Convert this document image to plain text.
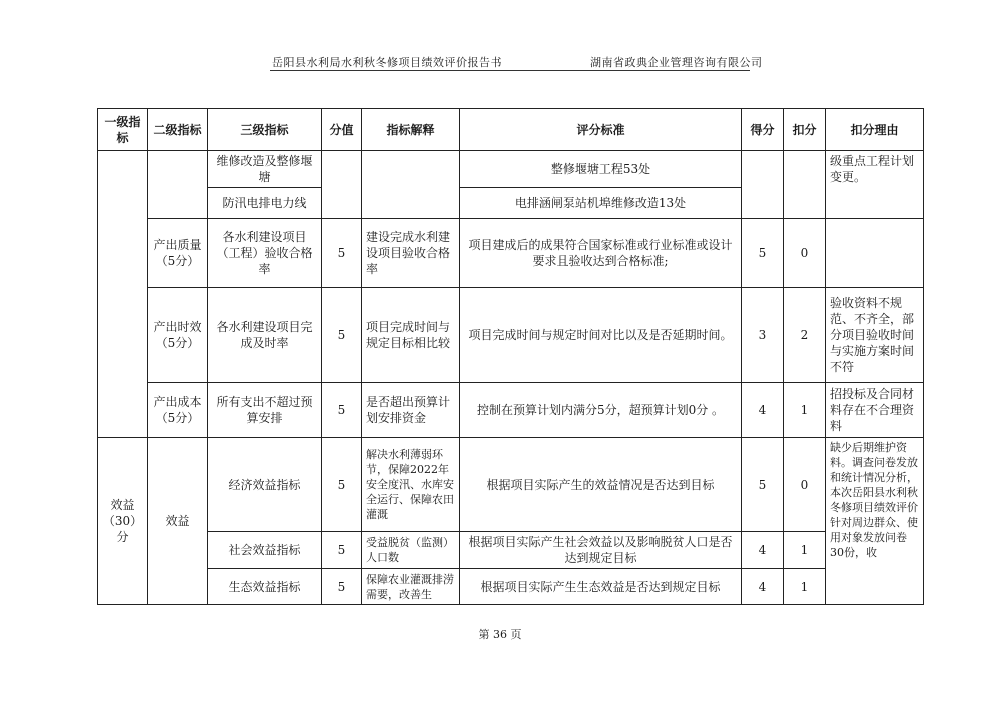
岳阳县水利局水利秋冬修项目绩效评价报告书	湖南省政典企业管理咨询有限公司
一级指标	二级指标	三级指标	分值	指标解释	评分标准	得分	扣分	扣分理由
		维修改造及整修堰塘			整修堰塘工程53处			级重点工程计划变更。
		防汛电排电力线			电排涵闸泵站机埠维修改造13处			
	产出质量（5分）	各水利建设项目（工程）验收合格率	5	建设完成水利建设项目验收合格率	项目建成后的成果符合国家标准或行业标准或设计要求且验收达到合格标准;	5	0	
	产出时效（5分）	各水利建设项目完成及时率	5	项目完成时间与规定目标相比较	项目完成时间与规定时间对比以及是否延期时间。	3	2	验收资料不规范、不齐全，部分项目验收时间与实施方案时间不符
	产出成本（5分）	所有支出不超过预算安排	5	是否超出预算计划安排资金	控制在预算计划内满分5分，超预算计划0分 。	4	1	招投标及合同材料存在不合理资料
效益（30）分	效益	经济效益指标	5	解决水利薄弱环节，保障2022年安全度汛、水库安全运行、保障农田灌溉	根据项目实际产生的效益情况是否达到目标	5	0	缺少后期维护资料。调查问卷发放和统计情况分析，本次岳阳县水利秋冬修项目绩效评价针对周边群众、使用对象发放问卷30份，收
		社会效益指标	5	受益脱贫（监测）人口数	根据项目实际产生社会效益以及影响脱贫人口是否达到规定目标	4	1	
		生态效益指标	5	保障农业灌溉排涝需要，改善生	根据项目实际产生生态效益是否达到规定目标	4	1	
第 36 页
